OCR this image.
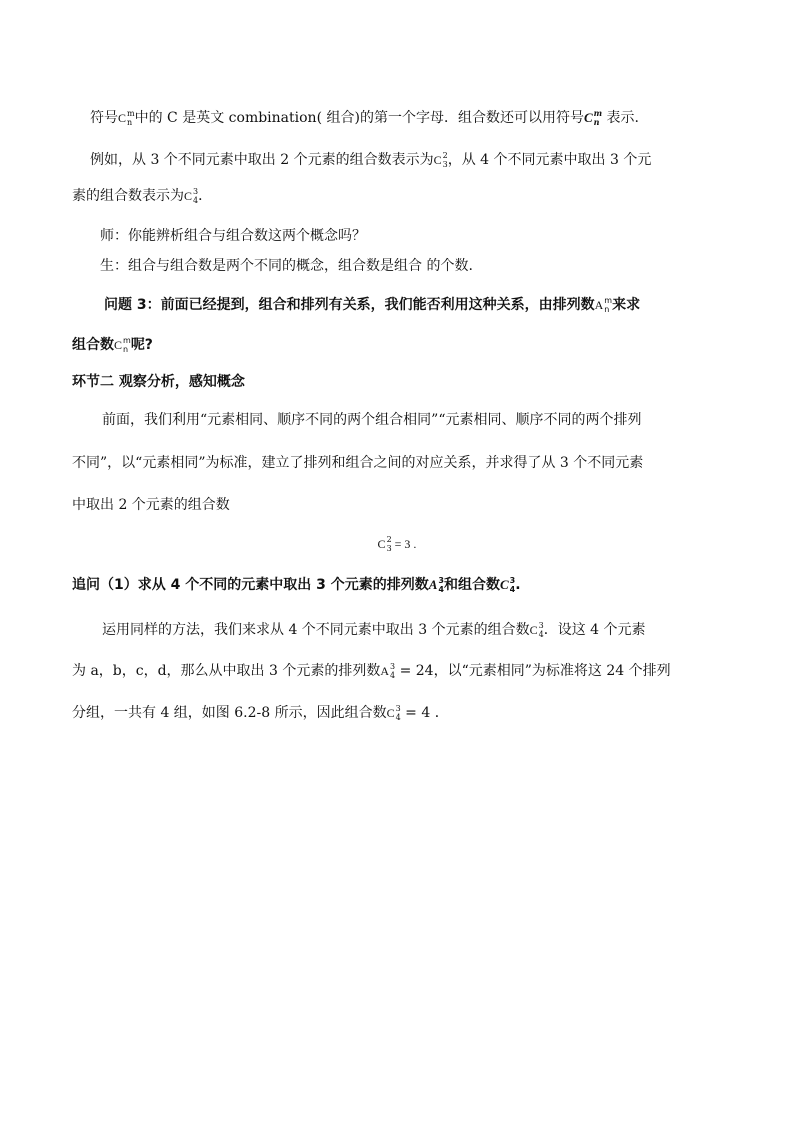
符号C m
n 中的 C 是英文 combination( 组合)的第一个字母．组合数还可以用符号C m
n 表示.
例如，从 3 个不同元素中取出 2 个元素的组合数表示为C 2
3 ，从 4 个不同元素中取出 3 个元
素的组合数表示为C 3
4 ．
师：你能辨析组合与组合数这两个概念吗？
生：组合与组合数是两个不同的概念，组合数是组合 的个数.
问题 3：前面已经提到，组合和排列有关系，我们能否利用这种关系，由排列数A m
n 来求
组合数C m
n 呢?
环节二 观察分析，感知概念
前面，我们利用“元素相同、顺序不同的两个组合相同”“元素相同、顺序不同的两个排列
不同”，以“元素相同”为标准，建立了排列和组合之间的对应关系，并求得了从 3 个不同元素
中取出 2 个元素的组合数
C 2
3 = 3 .
追问（1）求从 4 个不同的元素中取出 3 个元素的排列数A 3
4 和组合数C 3
4 .
运用同样的方法，我们来求从 4 个不同元素中取出 3 个元素的组合数C 3
4 ．设这 4 个元素
为 a，b，c，d，那么从中取出 3 个元素的排列数A 3
4 = 24，以“元素相同”为标准将这 24 个排列
分组，一共有 4 组，如图 6.2-8 所示，因此组合数C 3
4 = 4 ．
